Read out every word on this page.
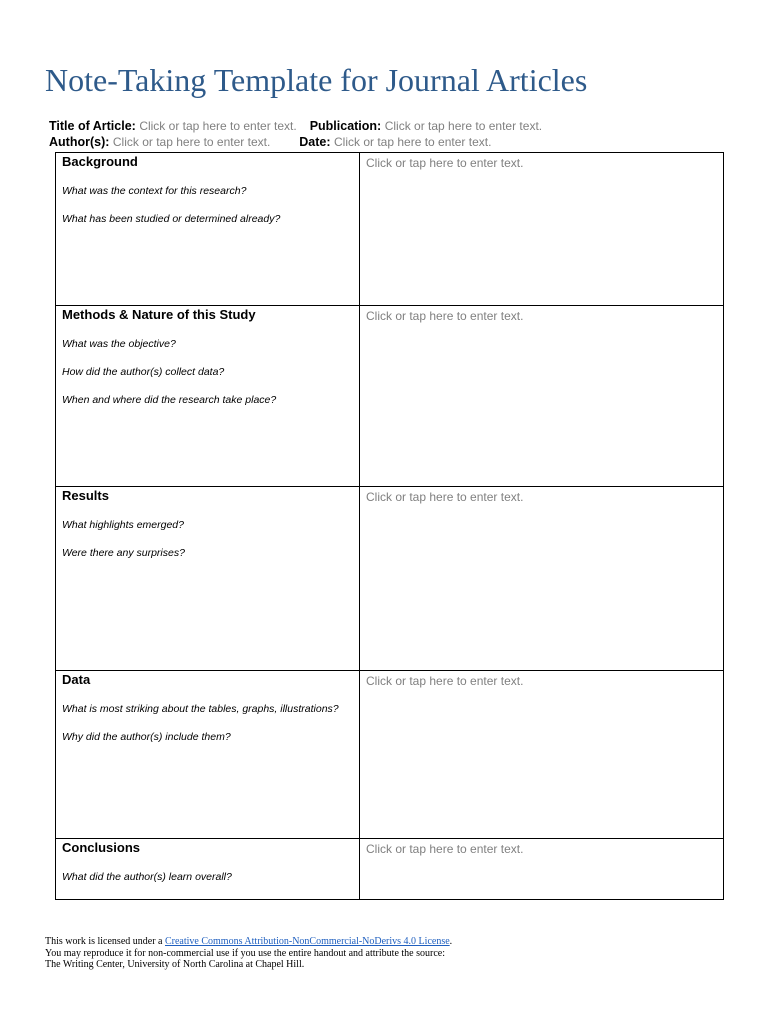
Note-Taking Template for Journal Articles
Title of Article: Click or tap here to enter text. Publication: Click or tap here to enter text.
Author(s): Click or tap here to enter text. Date: Click or tap here to enter text.
Background
What was the context for this research?
What has been studied or determined already?	Click or tap here to enter text.

Methods & Nature of this Study
What was the objective?
How did the author(s) collect data?
When and where did the research take place?	Click or tap here to enter text.

Results
What highlights emerged?
Were there any surprises?	Click or tap here to enter text.

Data
What is most striking about the tables, graphs, illustrations?
Why did the author(s) include them?	Click or tap here to enter text.

Conclusions
What did the author(s) learn overall?	Click or tap here to enter text.
This work is licensed under a Creative Commons Attribution-NonCommercial-NoDerivs 4.0 License.
You may reproduce it for non-commercial use if you use the entire handout and attribute the source:
The Writing Center, University of North Carolina at Chapel Hill.
